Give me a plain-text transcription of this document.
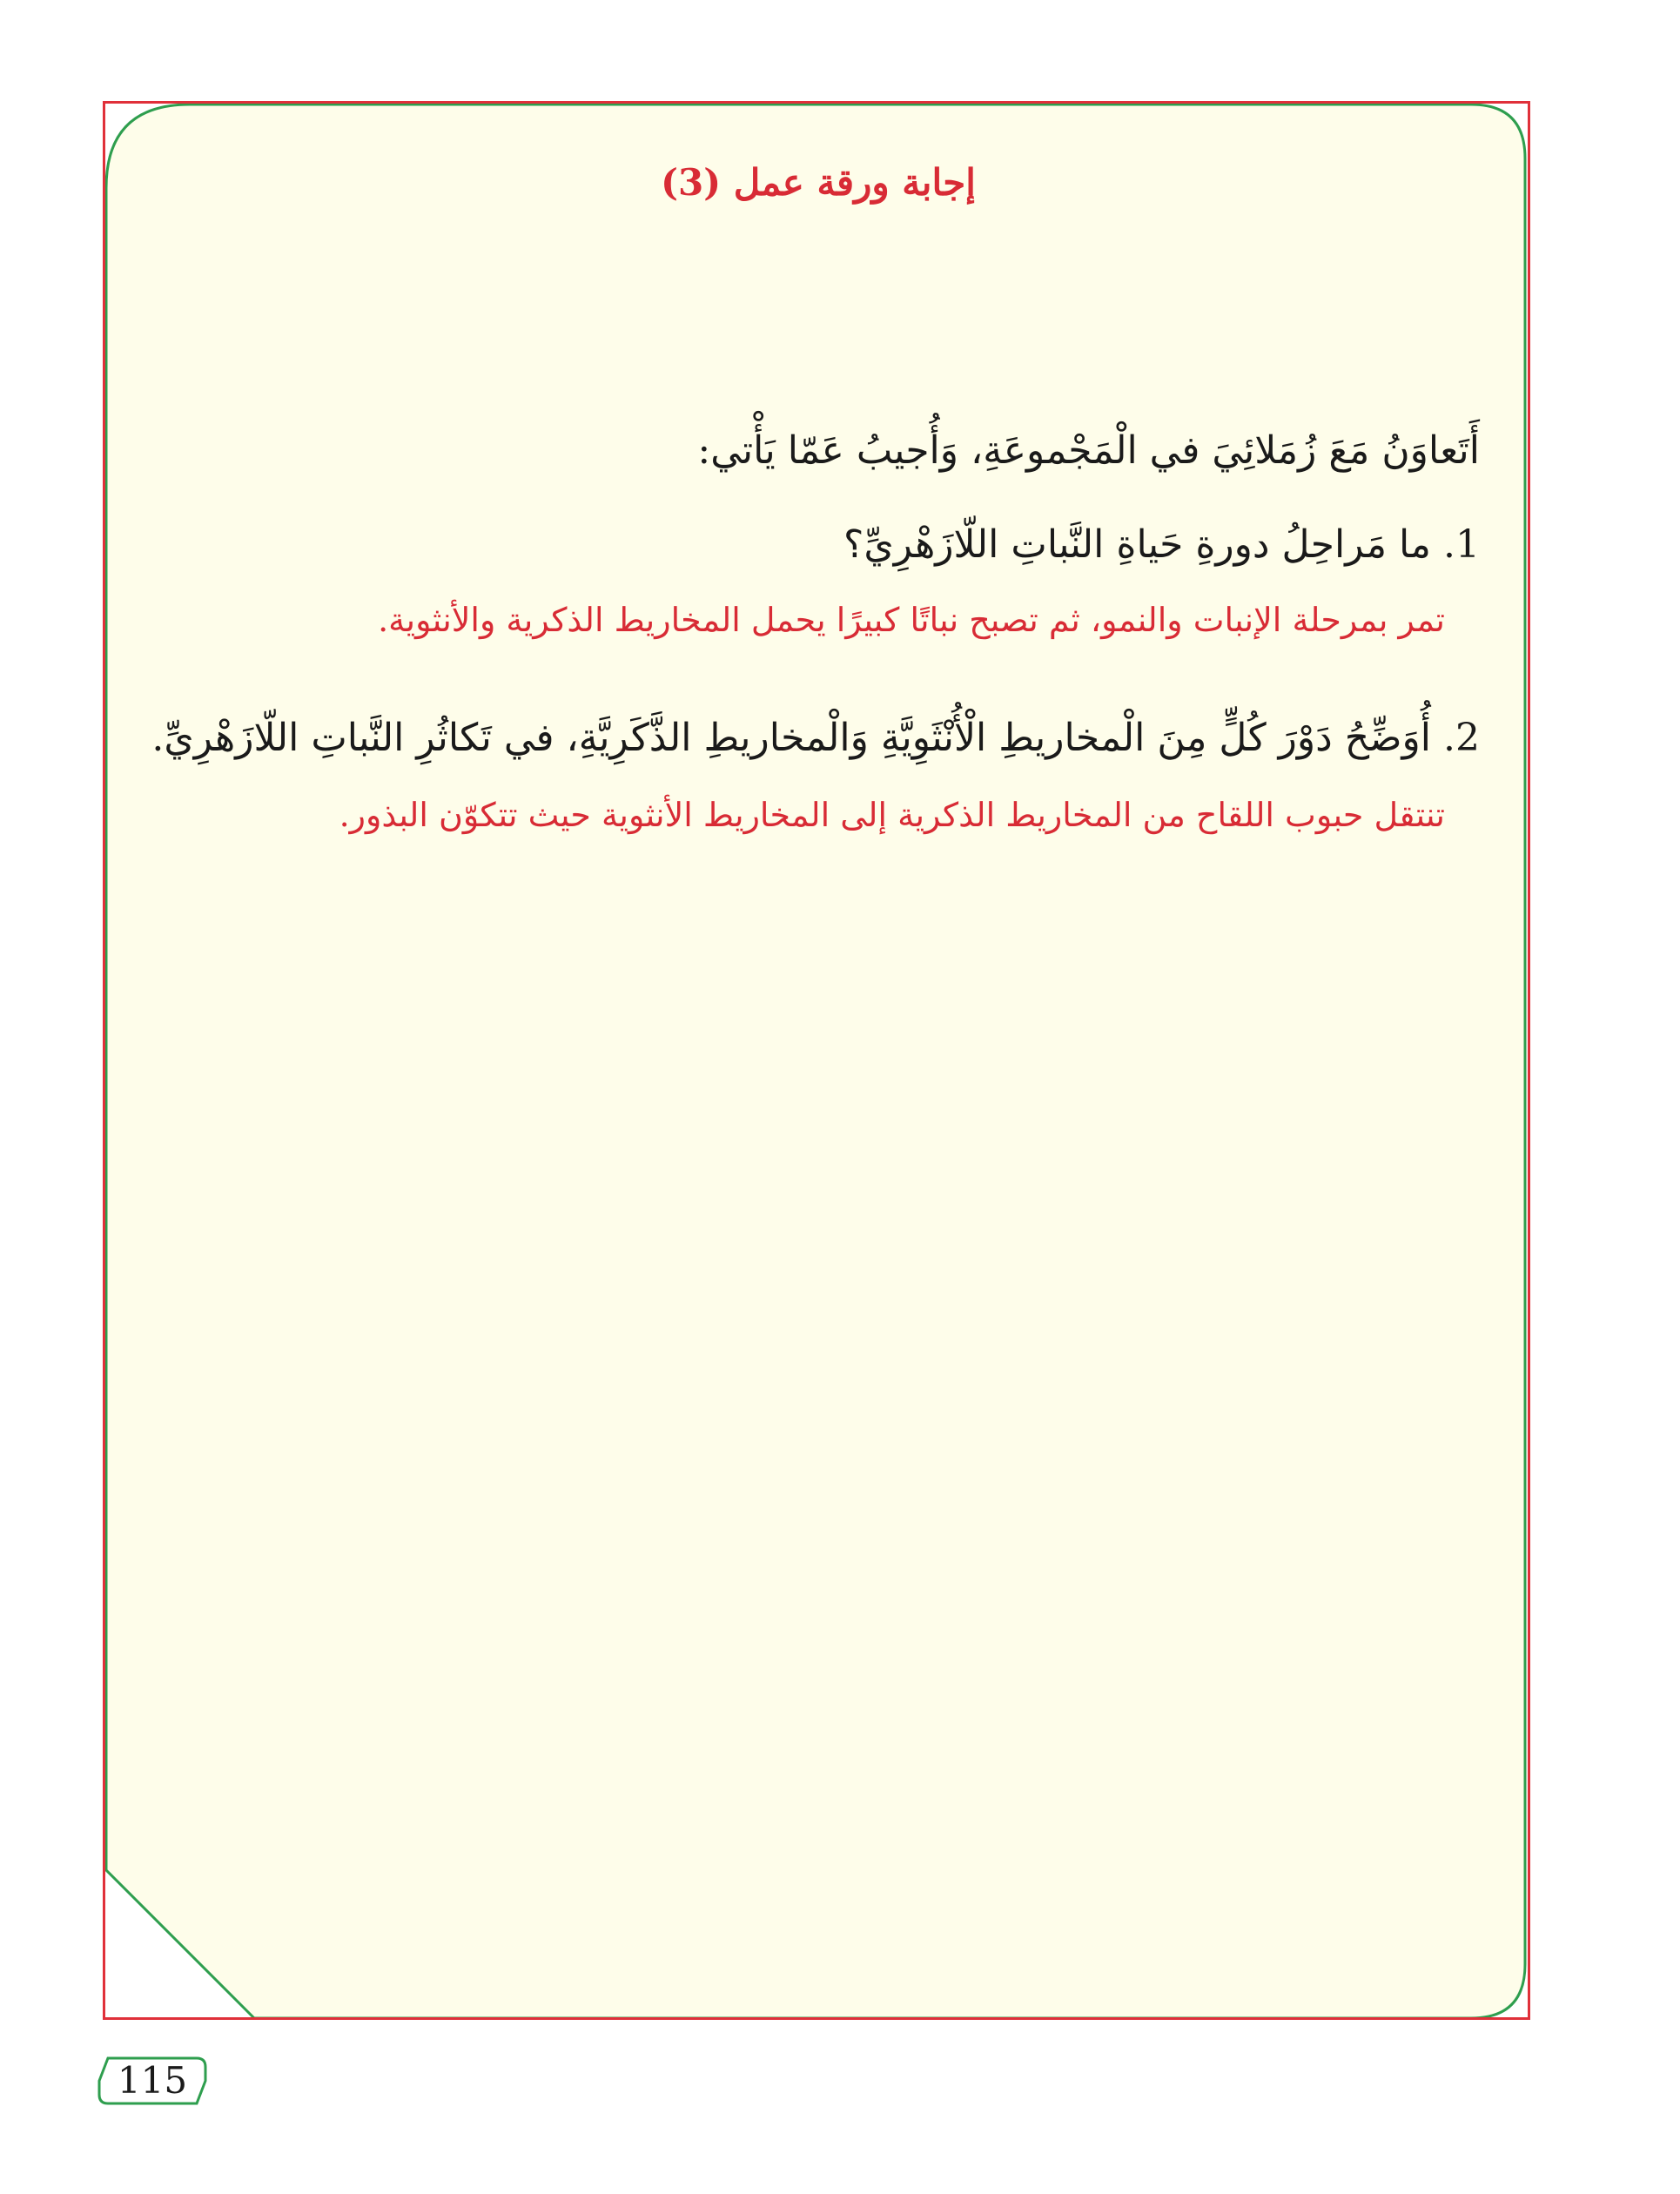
إجابة ورقة عمل (3)
أَتَعاوَنُ مَعَ زُمَلائِيَ في الْمَجْموعَةِ، وَأُجيبُ عَمّا يَأْتي:
1. ما مَراحِلُ دورةِ حَياةِ النَّباتِ اللّازَهْرِيِّ؟
تمر بمرحلة الإنبات والنمو، ثم تصبح نباتًا كبيرًا يحمل المخاريط الذكرية والأنثوية.
2. أُوَضِّحُ دَوْرَ كُلٍّ مِنَ الْمخاريطِ الْأُنْثَوِيَّةِ وَالْمخاريطِ الذَّكَرِيَّةِ، في تَكاثُرِ النَّباتِ اللّازَهْرِيِّ.
تنتقل حبوب اللقاح من المخاريط الذكرية إلى المخاريط الأنثوية حيث تتكوّن البذور.
115
